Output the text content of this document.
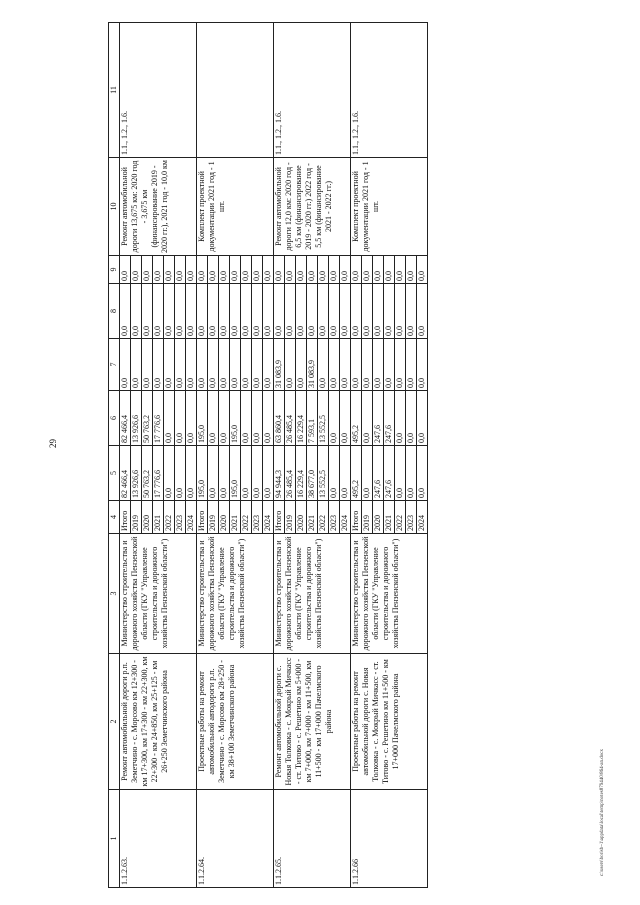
29
c:\users\borisb~1\appdata\local\temp\notes879440\864-an.docx
1	2	3	4	5	6	7	8	9	10	11
1.1.2.63.	Ремонт автомобильной дороги р.п. Земетчино - с. Морсово км 12+300 - км 17+300, км 17+300 - км 22+300, км 22+300 - км 24+850, км 25+125 - км 26+250 Земетчинского района	Министерство строительства и дорожного хозяйства Пензенской области (ГКУ "Управление строительства и дорожного хозяйства Пензенской области")	Итого	82 466,4	82 466,4	0,0	0,0	0,0	Ремонт автомобильной дороги 13,675 км: 2020 год - 3,675 км (финансирование 2019 - 2020 гг.), 2021 год - 10,0 км	1.1., 1.2., 1.6.
			2019	13 926,6	13 926,6	0,0	0,0	0,0		
			2020	50 763,2	50 763,2	0,0	0,0	0,0		
			2021	17 776,6	17 776,6	0,0	0,0	0,0		
			2022	0,0	0,0	0,0	0,0	0,0		
			2023	0,0	0,0	0,0	0,0	0,0		
			2024	0,0	0,0	0,0	0,0	0,0		
1.1.2.64.	Проектные работы на ремонт автомобильной автодороги р.п. Земетчино - с. Морсово км 28+250 - км 38+100 Земетчинского района	Министерство строительства и дорожного хозяйства Пензенской области (ГКУ "Управление строительства и дорожного хозяйства Пензенской области")	Итого	195,0	195,0	0,0	0,0	0,0	Комплект проектной документации 2021 год - 1 шт.	
			2019	0,0	0,0	0,0	0,0	0,0		
			2020	0,0	0,0	0,0	0,0	0,0		
			2021	195,0	195,0	0,0	0,0	0,0		
			2022	0,0	0,0	0,0	0,0	0,0		
			2023	0,0	0,0	0,0	0,0	0,0		
			2024	0,0	0,0	0,0	0,0	0,0		
1.1.2.65.	Ремонт автомобильной дороги с. Новая Толковка - с. Мокрый Мичкасс - ст. Титово - с. Решетино км 5+000 - км 7+000, км 7+000 - км 11+500, км 11+500 - км 17+000 Пачелмского района	Министерство строительства и дорожного хозяйства Пензенской области (ГКУ "Управление строительства и дорожного хозяйства Пензенской области")	Итого	94 944,3	63 860,4	31 083,9	0,0	0,0	Ремонт автомобильной дороги 12,0 км: 2020 год - 6,5 км (финансирование 2019 - 2020 гг.) 2022 год - 5,5 км (финансирование 2021 - 2022 гг.)	1.1., 1.2., 1.6.
			2019	26 485,4	26 485,4	0,0	0,0	0,0		
			2020	16 229,4	16 229,4	0,0	0,0	0,0		
			2021	38 677,0	7 593,1	31 083,9	0,0	0,0		
			2022	13 552,5	13 552,5	0,0	0,0	0,0		
			2023	0,0	0,0	0,0	0,0	0,0		
			2024	0,0	0,0	0,0	0,0	0,0		
1.1.2.66	Проектные работы на ремонт автомобильной дороги с. Новая Толковка - с. Мокрый Мичкасс - ст. Титово - с. Решетино км 11+500 - км 17+000 Пачелмского района	Министерство строительства и дорожного хозяйства Пензенской области (ГКУ "Управление строительства и дорожного хозяйства Пензенской области")	Итого	495,2	495,2	0,0	0,0	0,0	Комплект проектной документации 2021 год - 1 шт.	1.1., 1.2., 1.6.
			2019	0,0	0,0	0,0	0,0	0,0		
			2020	247,6	247,6	0,0	0,0	0,0		
			2021	247,6	247,6	0,0	0,0	0,0		
			2022	0,0	0,0	0,0	0,0	0,0		
			2023	0,0	0,0	0,0	0,0	0,0		
			2024	0,0	0,0	0,0	0,0	0,0		
